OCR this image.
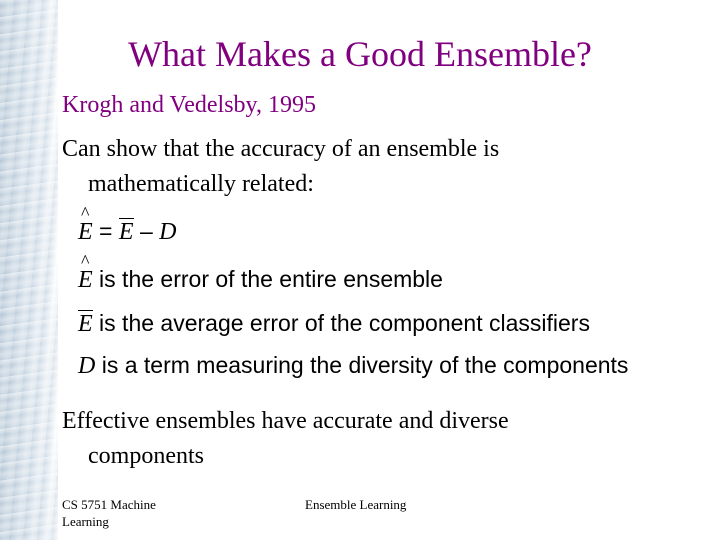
What Makes a Good Ensemble?
Krogh and Vedelsby, 1995
Can show that the accuracy of an ensemble is
mathematically related:
^ E = E – D
^ E is the error of the entire ensemble
E is the average error of the component classifiers
D is a term measuring the diversity of the components
Effective ensembles have accurate and diverse
components
CS 5751 Machine Learning
Ensemble Learning
